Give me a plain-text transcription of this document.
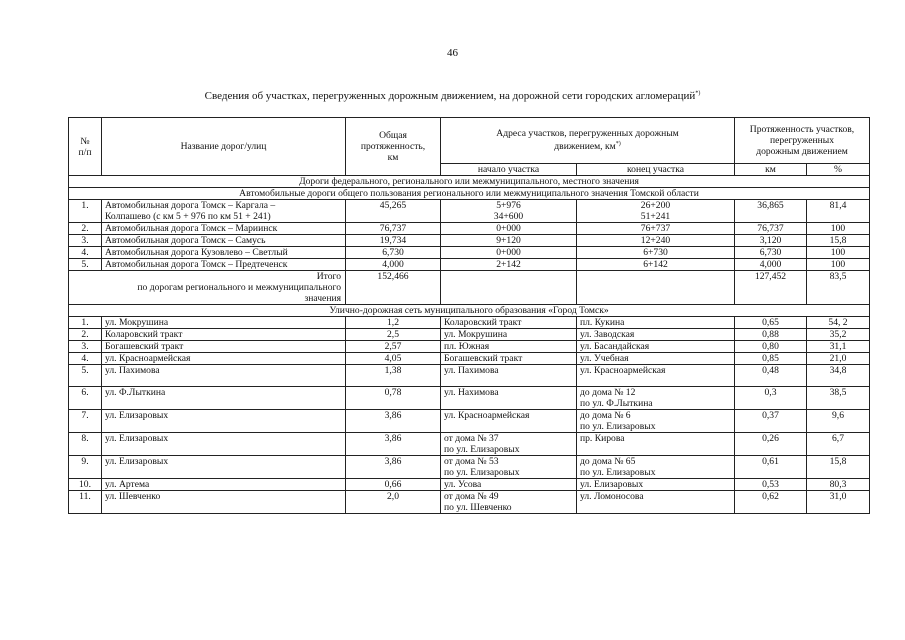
46
Сведения об участках, перегруженных дорожным движением, на дорожной сети городских агломераций*)
№
п/п	Название дорог/улиц	Общая
протяженность,
км	Адреса участков, перегруженных дорожным
движением, км*)		Протяженность участков,
перегруженных
дорожным движением	
			начало участка	конец участка	км	%
Дороги федерального, регионального или межмуниципального, местного значения						
Автомобильные дороги общего пользования регионального или межмуниципального значения Томской области						
1.	Автомобильная дорога Томск – Каргала –
Колпашево (с км 5 + 976 по км 51 + 241)	45,265	5+976
34+600	26+200
51+241	36,865	81,4
2.	Автомобильная дорога Томск – Мариинск	76,737	0+000	76+737	76,737	100
3.	Автомобильная дорога Томск – Самусь	19,734	9+120	12+240	3,120	15,8
4.	Автомобильная дорога Кузовлево – Светлый	6,730	0+000	6+730	6,730	100
5.	Автомобильная дорога Томск – Предтеченск	4,000	2+142	6+142	4,000	100
Итого
по дорогам регионального и межмуниципального
значения		152,466			127,452	83,5
Улично-дорожная сеть муниципального образования «Город Томск»						
1.	ул. Мокрушина	1,2	Коларовский тракт	пл. Кукина	0,65	54, 2
2.	Коларовский тракт	2,5	ул. Мокрушина	ул. Заводская	0,88	35,2
3.	Богашевский тракт	2,57	пл. Южная	ул. Басандайская	0,80	31,1
4.	ул. Красноармейская	4,05	Богашевский тракт	ул. Учебная	0,85	21,0
5.	ул. Пахимова	1,38	ул. Пахимова	ул. Красноармейская	0,48	34,8
6.	ул. Ф.Лыткина	0,78	ул. Нахимова	до дома № 12
по ул. Ф.Лыткина	0,3	38,5
7.	ул. Елизаровых	3,86	ул. Красноармейская	до дома № 6
по ул. Елизаровых	0,37	9,6
8.	ул. Елизаровых	3,86	от дома № 37
по ул. Елизаровых	пр. Кирова	0,26	6,7
9.	ул. Елизаровых	3,86	от дома № 53
по ул. Елизаровых	до дома № 65
по ул. Елизаровых	0,61	15,8
10.	ул. Артема	0,66	ул. Усова	ул. Елизаровых	0,53	80,3
11.	ул. Шевченко	2,0	от дома № 49
по ул. Шевченко	ул. Ломоносова	0,62	31,0
